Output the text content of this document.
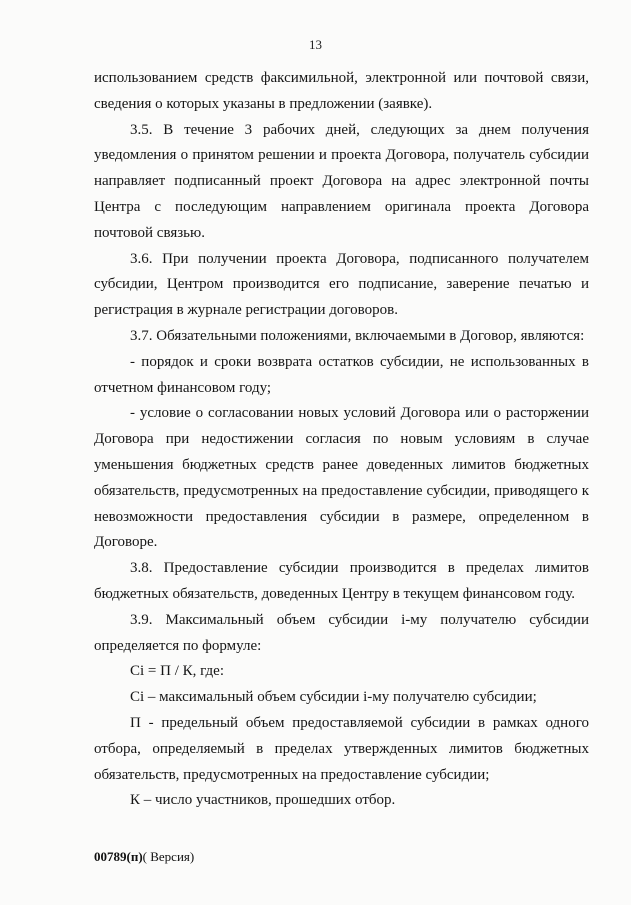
13

использованием средств факсимильной, электронной или почтовой связи, сведения о которых указаны в предложении (заявке).

3.5. В течение 3 рабочих дней, следующих за днем получения уведомления о принятом решении и проекта Договора, получатель субсидии направляет подписанный проект Договора на адрес электронной почты Центра с последующим направлением оригинала проекта Договора почтовой связью.

3.6. При получении проекта Договора, подписанного получателем субсидии, Центром производится его подписание, заверение печатью и регистрация в журнале регистрации договоров.

3.7. Обязательными положениями, включаемыми в Договор, являются:

- порядок и сроки возврата остатков субсидии, не использованных в отчетном финансовом году;

- условие о согласовании новых условий Договора или о расторжении Договора при недостижении согласия по новым условиям в случае уменьшения бюджетных средств ранее доведенных лимитов бюджетных обязательств, предусмотренных на предоставление субсидии, приводящего к невозможности предоставления субсидии в размере, определенном в Договоре.

3.8. Предоставление субсидии производится в пределах лимитов бюджетных обязательств, доведенных Центру в текущем финансовом году.

3.9. Максимальный объем субсидии i-му получателю субсидии определяется по формуле:

Ci = П / К, где:

Ci – максимальный объем субсидии i-му получателю субсидии;

П - предельный объем предоставляемой субсидии в рамках одного отбора, определяемый в пределах утвержденных лимитов бюджетных обязательств, предусмотренных на предоставление субсидии;

К – число участников, прошедших отбор.

00789(п)( Версия)
